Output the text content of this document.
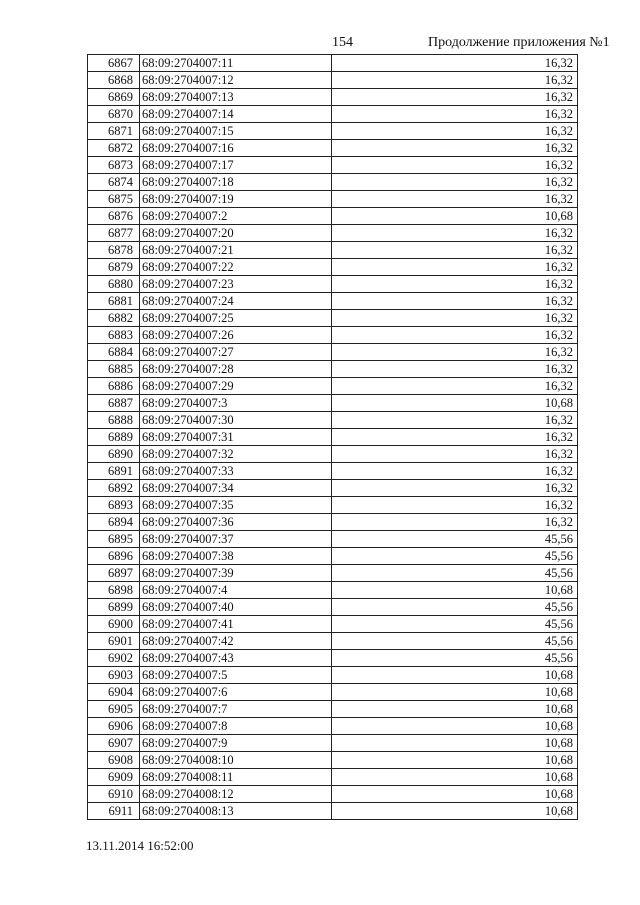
154	Продолжение приложения №1
6867	68:09:2704007:11	16,32
6868	68:09:2704007:12	16,32
6869	68:09:2704007:13	16,32
6870	68:09:2704007:14	16,32
6871	68:09:2704007:15	16,32
6872	68:09:2704007:16	16,32
6873	68:09:2704007:17	16,32
6874	68:09:2704007:18	16,32
6875	68:09:2704007:19	16,32
6876	68:09:2704007:2	10,68
6877	68:09:2704007:20	16,32
6878	68:09:2704007:21	16,32
6879	68:09:2704007:22	16,32
6880	68:09:2704007:23	16,32
6881	68:09:2704007:24	16,32
6882	68:09:2704007:25	16,32
6883	68:09:2704007:26	16,32
6884	68:09:2704007:27	16,32
6885	68:09:2704007:28	16,32
6886	68:09:2704007:29	16,32
6887	68:09:2704007:3	10,68
6888	68:09:2704007:30	16,32
6889	68:09:2704007:31	16,32
6890	68:09:2704007:32	16,32
6891	68:09:2704007:33	16,32
6892	68:09:2704007:34	16,32
6893	68:09:2704007:35	16,32
6894	68:09:2704007:36	16,32
6895	68:09:2704007:37	45,56
6896	68:09:2704007:38	45,56
6897	68:09:2704007:39	45,56
6898	68:09:2704007:4	10,68
6899	68:09:2704007:40	45,56
6900	68:09:2704007:41	45,56
6901	68:09:2704007:42	45,56
6902	68:09:2704007:43	45,56
6903	68:09:2704007:5	10,68
6904	68:09:2704007:6	10,68
6905	68:09:2704007:7	10,68
6906	68:09:2704007:8	10,68
6907	68:09:2704007:9	10,68
6908	68:09:2704008:10	10,68
6909	68:09:2704008:11	10,68
6910	68:09:2704008:12	10,68
6911	68:09:2704008:13	10,68
13.11.2014 16:52:00
